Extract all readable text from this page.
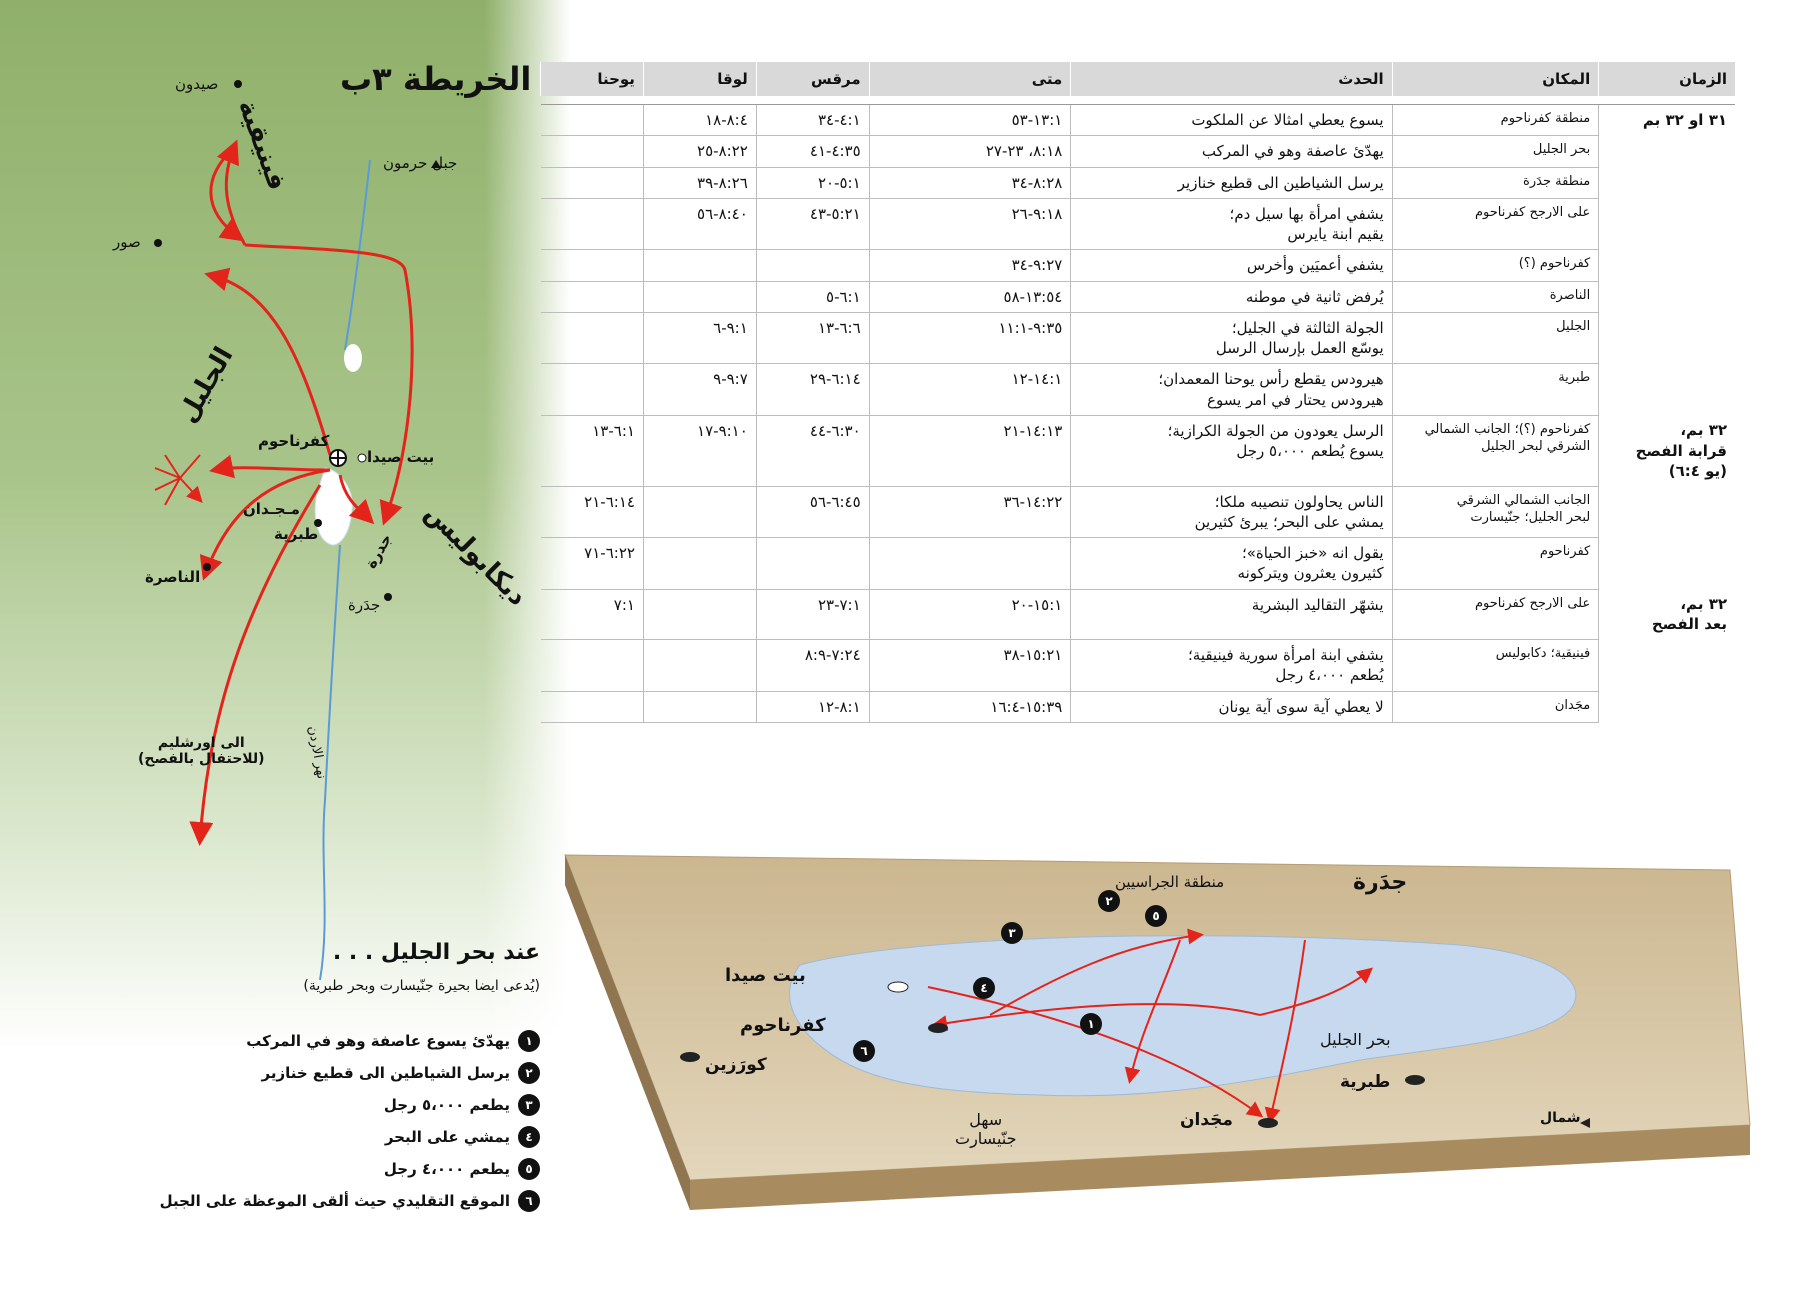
الخريطة ٣ب
صيدون
صور
جبل حرمون
كفرناحوم
بيت صيدا
مـجـدان
طبرية	جدرة
الناصرة
جدَرة
فينيقية
الجليل
ديكابوليس
نهر الاردن
الى اورشليم
(للاحتفال بالفصح)
الزمان	المكان	الحدث	متى	مرقس	لوقا	يوحنا

٣١ او ٣٢ بم	منطقة كفرناحوم	يسوع يعطي امثالا عن الملكوت	١٣:١-٥٣	٤:١-٣٤	٨:٤-١٨	
	بحر الجليل	يهدّئ عاصفة وهو في المركب	٨:١٨، ٢٣-٢٧	٤:٣٥-٤١	٨:٢٢-٢٥	
	منطقة جدَرة	يرسل الشياطين الى قطيع خنازير	٨:٢٨-٣٤	٥:١-٢٠	٨:٢٦-٣٩	
	على الارجح كفرناحوم	يشفي امرأة بها سيل دم؛
يقيم ابنة يايرس	٩:١٨-٢٦	٥:٢١-٤٣	٨:٤٠-٥٦	
	كفرناحوم (؟)	يشفي أعميَين وأخرس	٩:٢٧-٣٤			
	الناصرة	يُرفض ثانية في موطنه	١٣:٥٤-٥٨	٦:١-٥		
	الجليل	الجولة الثالثة في الجليل؛
يوسّع العمل بإرسال الرسل	٩:٣٥-١١:١	٦:٦-١٣	٩:١-٦	
	طبرية	هيرودس يقطع رأس يوحنا المعمدان؛
هيرودس يحتار في امر يسوع	١٤:١-١٢	٦:١٤-٢٩	٩:٧-٩	
٣٢ بم،
قرابة الفصح
(يو ٦:٤)	كفرناحوم (؟)؛ الجانب الشمالي
الشرقي لبحر الجليل	الرسل يعودون من الجولة الكرازية؛
يسوع يُطعم ٥،٠٠٠ رجل	١٤:١٣-٢١	٦:٣٠-٤٤	٩:١٠-١٧	٦:١-١٣
	الجانب الشمالي الشرقي
لبحر الجليل؛ جنّيسارت	الناس يحاولون تنصيبه ملكا؛
يمشي على البحر؛ يبرئ كثيرين	١٤:٢٢-٣٦	٦:٤٥-٥٦		٦:١٤-٢١
	كفرناحوم	يقول انه «خبز الحياة»؛
كثيرون يعثرون ويتركونه				٦:٢٢-٧١
٣٢ بم،
بعد الفصح	على الارجح كفرناحوم	يشهّر التقاليد البشرية	١٥:١-٢٠	٧:١-٢٣		٧:١
	فينيقية؛ دكابوليس	يشفي ابنة امرأة سورية فينيقية؛
يُطعم ٤،٠٠٠ رجل	١٥:٢١-٣٨	٧:٢٤-٨:٩		
	مجَدان	لا يعطي آية سوى آية يونان	١٥:٣٩-١٦:٤	٨:١-١٢		
عند بحر الجليل . . .
(يُدعى ايضا بحيرة جنّيسارت وبحر طبرية)
١
يهدّئ يسوع عاصفة وهو في المركب
٢
يرسل الشياطين الى قطيع خنازير
٣
يطعم ٥،٠٠٠ رجل
٤
يمشي على البحر
٥
يطعم ٤،٠٠٠ رجل
٦
الموقع التقليدي حيث ألقى الموعظة على الجبل
بحر الجليل
بيت صيدا
كفرناحوم
كورَزين
مجَدان
طبرية
منطقة الجراسيين	جدَرة
سهل
جنّيسارت
شمال
١
٢
٣
٤
٥
٦
